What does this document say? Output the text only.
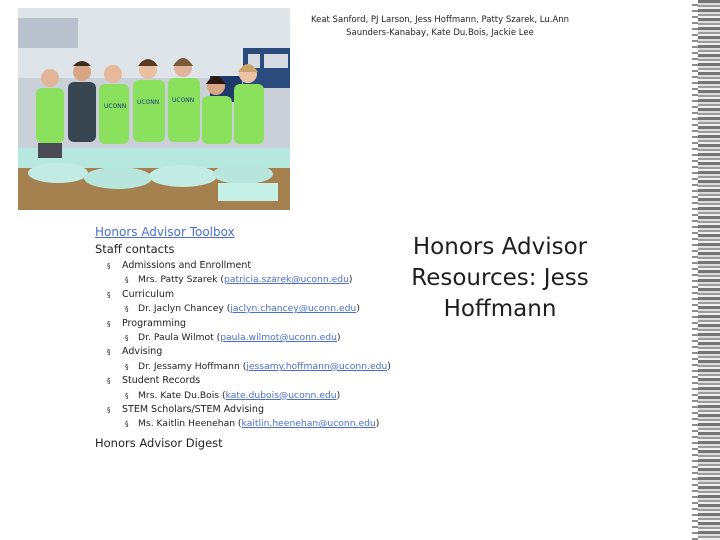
UCONN
UCONN UCONN
Keat Sanford, PJ Larson, Jess Hoffmann, Patty Szarek, Lu.Ann Saunders-Kanabay, Kate Du.Bois, Jackie Lee
Honors Advisor Resources: Jess Hoffmann
Honors Advisor Toolbox
Staff contacts
§ Admissions and Enrollment
§ Mrs. Patty Szarek (patricia.szarek@uconn.edu)
§ Curriculum
§ Dr. Jaclyn Chancey (jaclyn.chancey@uconn.edu)
§ Programming
§ Dr. Paula Wilmot (paula.wilmot@uconn.edu)
§ Advising
§ Dr. Jessamy Hoffmann (jessamy.hoffmann@uconn.edu)
§ Student Records
§ Mrs. Kate Du.Bois (kate.dubois@uconn.edu)
§ STEM Scholars/STEM Advising
§ Ms. Kaitlin Heenehan (kaitlin.heenehan@uconn.edu)
Honors Advisor Digest
